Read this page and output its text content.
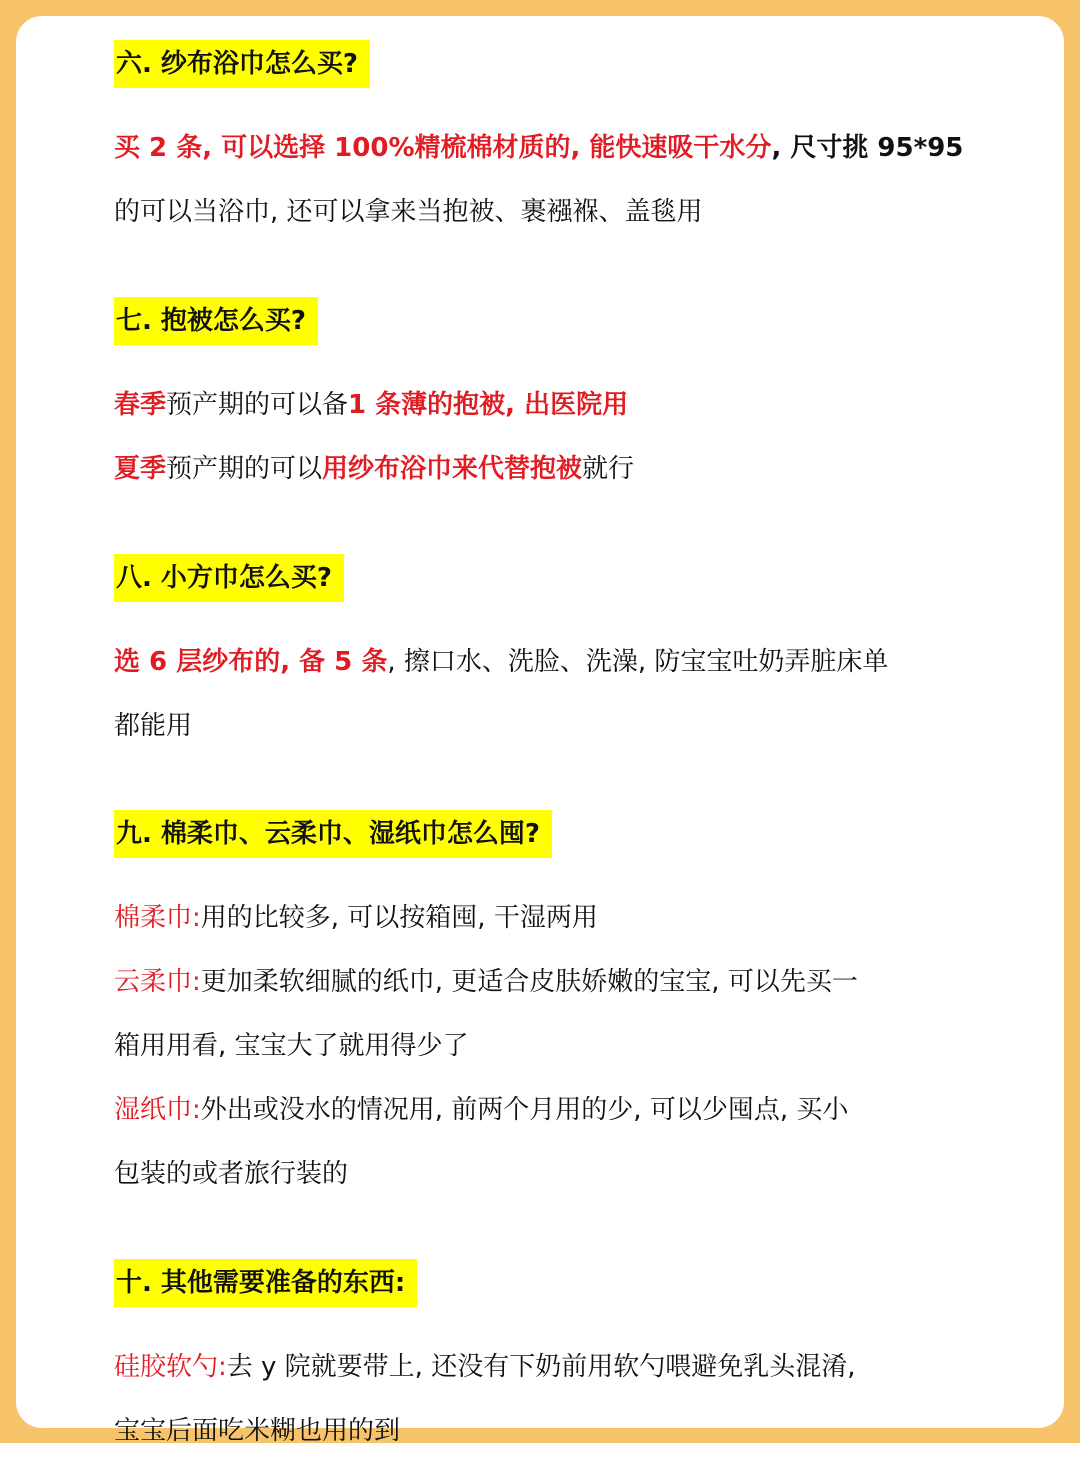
六. 纱布浴巾怎么买?
买 2 条, 可以选择 100%精梳棉材质的, 能快速吸干水分, 尺寸挑 95*95
的可以当浴巾, 还可以拿来当抱被、裹襁褓、盖毯用
七. 抱被怎么买?
春季预产期的可以备1 条薄的抱被, 出医院用
夏季预产期的可以用纱布浴巾来代替抱被就行
八. 小方巾怎么买?
选 6 层纱布的, 备 5 条, 擦口水、洗脸、洗澡, 防宝宝吐奶弄脏床单
都能用
九. 棉柔巾、云柔巾、湿纸巾怎么囤?
棉柔巾:用的比较多, 可以按箱囤, 干湿两用
云柔巾:更加柔软细腻的纸巾, 更适合皮肤娇嫩的宝宝, 可以先买一
箱用用看, 宝宝大了就用得少了
湿纸巾:外出或没水的情况用, 前两个月用的少, 可以少囤点, 买小
包装的或者旅行装的
十. 其他需要准备的东西:
硅胶软勺:去 y 院就要带上, 还没有下奶前用软勺喂避免乳头混淆,
宝宝后面吃米糊也用的到
